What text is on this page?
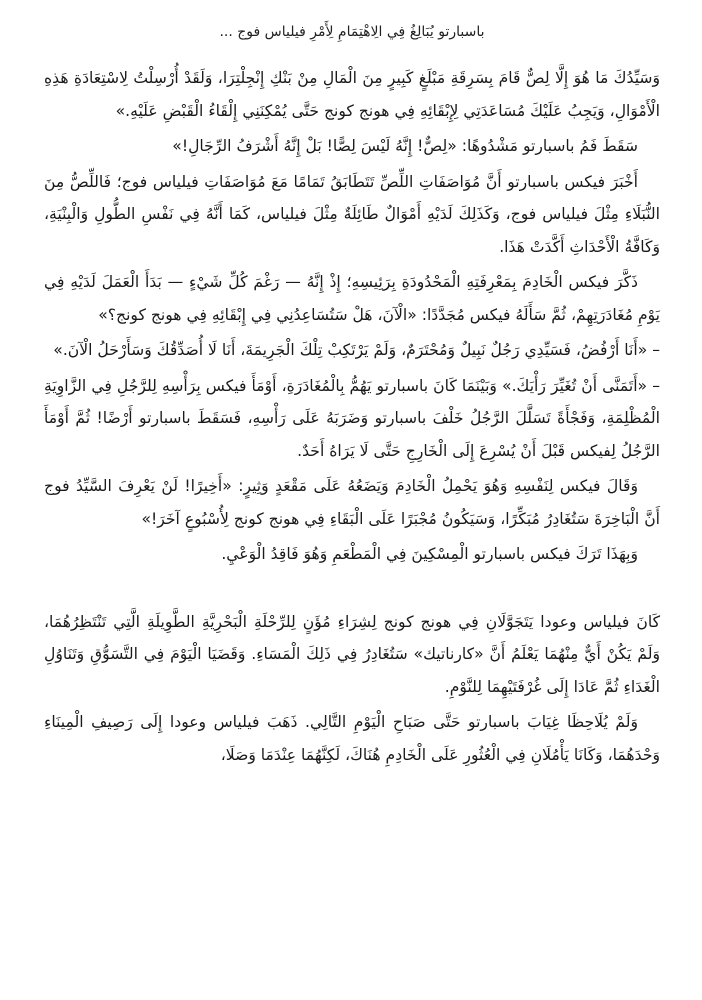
باسبارتو يُبَالِغُ فِي الِاهْتِمَامِ لِأَمْرِ فيلياس فوج ...

وَسَيِّدُكَ مَا هُوَ إِلَّا لِصٌّ قَامَ بِسَرِقَةِ مَبْلَغٍ كَبِيرٍ مِنَ الْمَالِ مِنْ بَنْكِ إِنْجِلْتِرَا، وَلَقَدْ أُرْسِلْتُ لِاسْتِعَادَةِ هَذِهِ الْأَمْوَالِ، وَيَجِبُ عَلَيْكَ مُسَاعَدَتِي لِإِبْقَائِهِ فِي هونج كونج حَتَّى يُمْكِنَنِي إِلْقَاءُ الْقَبْضِ عَلَيْهِ.»

سَقَطَ فَمُ باسبارتو مَشْدُوهًا: «لِصٌّ! إِنَّهُ لَيْسَ لِصًّا! بَلْ إِنَّهُ أَشْرَفُ الرِّجَالِ!»

أَخْبَرَ فيكس باسبارتو أَنَّ مُوَاصَفَاتِ اللِّصِّ تَتَطَابَقُ تَمَامًا مَعَ مُوَاصَفَاتِ فيلياس فوج؛ فَاللِّصُّ مِنَ النُّبَلَاءِ مِثْلَ فيلياس فوج، وَكَذَلِكَ لَدَيْهِ أَمْوَالٌ طَائِلَةٌ مِثْلَ فيلياس، كَمَا أَنَّهُ فِي نَفْسِ الطُّولِ وَالْبِنْيَةِ، وَكَافَّةُ الْأَحْدَاثِ أَكَّدَتْ هَذَا.

ذَكَّرَ فيكس الْخَادِمَ بِمَعْرِفَتِهِ الْمَحْدُودَةِ بِرَئِيسِهِ؛ إِذْ إِنَّهُ — رَغْمَ كُلِّ شَيْءٍ — بَدَأَ الْعَمَلَ لَدَيْهِ فِي يَوْمِ مُغَادَرَتِهِمْ، ثُمَّ سَأَلَهُ فيكس مُجَدَّدًا: «الْآنَ، هَلْ سَتُسَاعِدُنِي فِي إِبْقَائِهِ فِي هونج كونج؟»

– «أَنَا أَرْفُضُ، فَسَيِّدِي رَجُلٌ نَبِيلٌ وَمُحْتَرَمٌ، وَلَمْ يَرْتَكِبْ تِلْكَ الْجَرِيمَةَ، أَنَا لَا أُصَدِّقُكَ وَسَأَرْحَلُ الْآنَ.»

– «أَتَمَنَّى أَنْ تُغَيِّرَ رَأْيَكَ.» وَبَيْنَمَا كَانَ باسبارتو يَهُمُّ بِالْمُغَادَرَةِ، أَوْمَأَ فيكس بِرَأْسِهِ لِلرَّجُلِ فِي الزَّاوِيَةِ الْمُظْلِمَةِ، وَفَجْأَةً تَسَلَّلَ الرَّجُلُ خَلْفَ باسبارتو وَضَرَبَهُ عَلَى رَأْسِهِ، فَسَقَطَ باسبارتو أَرْضًا! ثُمَّ أَوْمَأَ الرَّجُلُ لِفيكس قَبْلَ أَنْ يُسْرِعَ إِلَى الْخَارِجِ حَتَّى لَا يَرَاهُ أَحَدٌ.

وَقَالَ فيكس لِنَفْسِهِ وَهُوَ يَحْمِلُ الْخَادِمَ وَيَضَعُهُ عَلَى مَقْعَدٍ وَثِيرٍ: «أَخِيرًا! لَنْ يَعْرِفَ السَّيِّدُ فوج أَنَّ الْبَاخِرَةَ سَتُغَادِرُ مُبَكِّرًا، وَسَيَكُونُ مُجْبَرًا عَلَى الْبَقَاءِ فِي هونج كونج لِأُسْبُوعٍ آخَرَ!»

وَبِهَذَا تَرَكَ فيكس باسبارتو الْمِسْكِينَ فِي الْمَطْعَمِ وَهُوَ فَاقِدُ الْوَعْيِ.

كَانَ فيلياس وعودا يَتَجَوَّلَانِ فِي هونج كونج لِشِرَاءِ مُؤَنٍ لِلرِّحْلَةِ الْبَحْرِيَّةِ الطَّوِيلَةِ الَّتِي تَنْتَظِرُهُمَا، وَلَمْ يَكُنْ أَيٌّ مِنْهُمَا يَعْلَمُ أَنَّ «كارناتيك» سَتُغَادِرُ فِي ذَلِكَ الْمَسَاءِ. وَقَضَيَا الْيَوْمَ فِي التَّسَوُّقِ وَتَنَاوُلِ الْغَدَاءِ ثُمَّ عَادَا إِلَى غُرْفَتَيْهِمَا لِلنَّوْمِ.

وَلَمْ يُلَاحِظَا غِيَابَ باسبارتو حَتَّى صَبَاحِ الْيَوْمِ التَّالِي. ذَهَبَ فيلياس وعودا إِلَى رَصِيفِ الْمِينَاءِ وَحْدَهُمَا، وَكَانَا يَأْمُلَانِ فِي الْعُثُورِ عَلَى الْخَادِمِ هُنَاكَ، لَكِنَّهُمَا عِنْدَمَا وَصَلَا،
